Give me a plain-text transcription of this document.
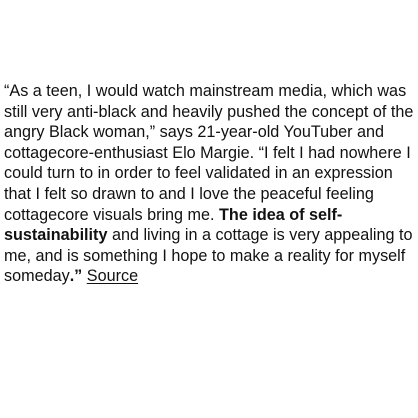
“As a teen, I would watch mainstream media, which was still very anti-black and heavily pushed the concept of the angry Black woman,” says 21-year-old YouTuber and cottagecore-enthusiast Elo Margie. “I felt I had nowhere I could turn to in order to feel validated in an expression that I felt so drawn to and I love the peaceful feeling cottagecore visuals bring me. The idea of self-sustainability and living in a cottage is very appealing to me, and is something I hope to make a reality for myself someday.” Source
